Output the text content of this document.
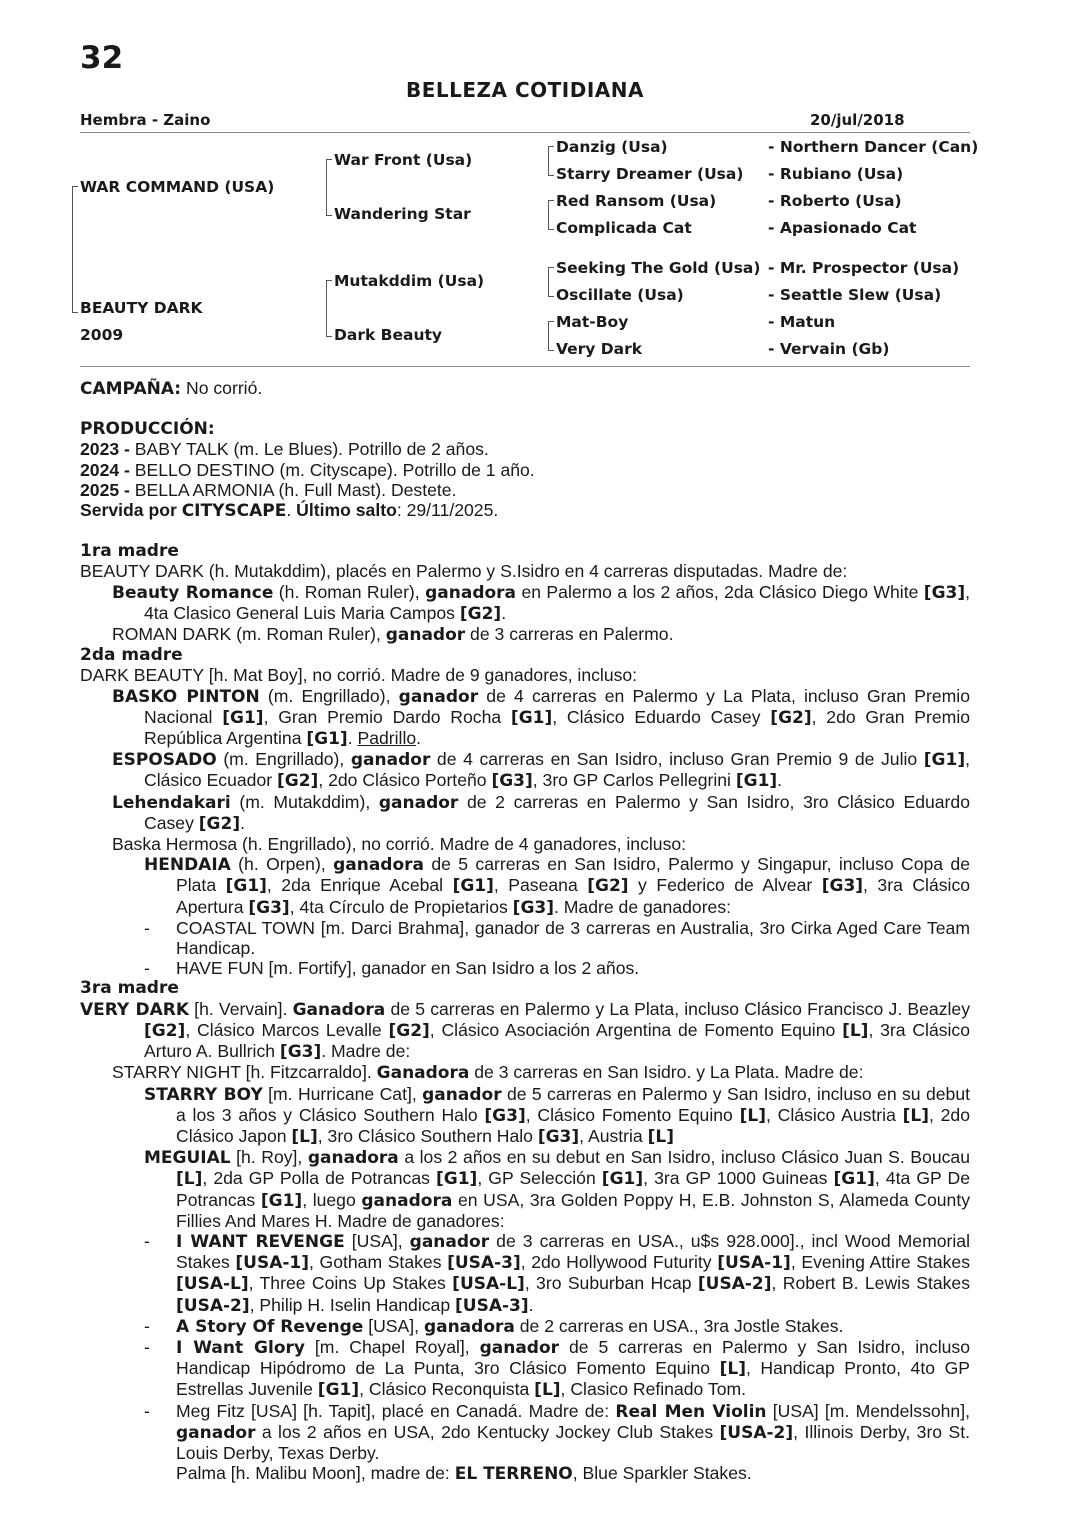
32
BELLEZA COTIDIANA
Hembra - Zaino	20/jul/2018
WAR COMMAND (USA)
BEAUTY DARK
2009
War Front (Usa)
Wandering Star
Mutakddim (Usa)
Dark Beauty
Danzig (Usa)
Starry Dreamer (Usa)
Red Ransom (Usa)
Complicada Cat
Seeking The Gold (Usa)
Oscillate (Usa)
Mat-Boy
Very Dark
- Northern Dancer (Can)
- Rubiano (Usa)
- Roberto (Usa)
- Apasionado Cat
- Mr. Prospector (Usa)
- Seattle Slew (Usa)
- Matun
- Vervain (Gb)

CAMPAÑA: No corrió.

PRODUCCIÓN:

2023 - BABY TALK (m. Le Blues). Potrillo de 2 años.

2024 - BELLO DESTINO (m. Cityscape). Potrillo de 1 año.

2025 - BELLA ARMONIA (h. Full Mast). Destete.

Servida por CITYSCAPE. Último salto: 29/11/2025.

1ra madre

BEAUTY DARK (h. Mutakddim), placés en Palermo y S.Isidro en 4 carreras disputadas. Madre de:

Beauty Romance (h. Roman Ruler), ganadora en Palermo a los 2 años, 2da Clásico Diego White [G3], 4ta Clasico General Luis Maria Campos [G2].

ROMAN DARK (m. Roman Ruler), ganador de 3 carreras en Palermo.

2da madre

DARK BEAUTY [h. Mat Boy], no corrió. Madre de 9 ganadores, incluso:

BASKO PINTON (m. Engrillado), ganador de 4 carreras en Palermo y La Plata, incluso Gran Premio Nacional [G1], Gran Premio Dardo Rocha [G1], Clásico Eduardo Casey [G2], 2do Gran Premio República Argentina [G1]. Padrillo.

ESPOSADO (m. Engrillado), ganador de 4 carreras en San Isidro, incluso Gran Premio 9 de Julio [G1], Clásico Ecuador [G2], 2do Clásico Porteño [G3], 3ro GP Carlos Pellegrini [G1].

Lehendakari (m. Mutakddim), ganador de 2 carreras en Palermo y San Isidro, 3ro Clásico Eduardo Casey [G2].

Baska Hermosa (h. Engrillado), no corrió. Madre de 4 ganadores, incluso:

HENDAIA (h. Orpen), ganadora de 5 carreras en San Isidro, Palermo y Singapur, incluso Copa de Plata [G1], 2da Enrique Acebal [G1], Paseana [G2] y Federico de Alvear [G3], 3ra Clásico Apertura [G3], 4ta Círculo de Propietarios [G3]. Madre de ganadores:

- COASTAL TOWN [m. Darci Brahma], ganador de 3 carreras en Australia, 3ro Cirka Aged Care Team Handicap.

- HAVE FUN [m. Fortify], ganador en San Isidro a los 2 años.

3ra madre

VERY DARK [h. Vervain]. Ganadora de 5 carreras en Palermo y La Plata, incluso Clásico Francisco J. Beazley [G2], Clásico Marcos Levalle [G2], Clásico Asociación Argentina de Fomento Equino [L], 3ra Clásico Arturo A. Bullrich [G3]. Madre de:

STARRY NIGHT [h. Fitzcarraldo]. Ganadora de 3 carreras en San Isidro. y La Plata. Madre de:

STARRY BOY [m. Hurricane Cat], ganador de 5 carreras en Palermo y San Isidro, incluso en su debut a los 3 años y Clásico Southern Halo [G3], Clásico Fomento Equino [L], Clásico Austria [L], 2do Clásico Japon [L], 3ro Clásico Southern Halo [G3], Austria [L]

MEGUIAL [h. Roy], ganadora a los 2 años en su debut en San Isidro, incluso Clásico Juan S. Boucau [L], 2da GP Polla de Potrancas [G1], GP Selección [G1], 3ra GP 1000 Guineas [G1], 4ta GP De Potrancas [G1], luego ganadora en USA, 3ra Golden Poppy H, E.B. Johnston S, Alameda County Fillies And Mares H. Madre de ganadores:

- I WANT REVENGE [USA], ganador de 3 carreras en USA., u$s 928.000]., incl Wood Memorial Stakes [USA-1], Gotham Stakes [USA-3], 2do Hollywood Futurity [USA-1], Evening Attire Stakes [USA-L], Three Coins Up Stakes [USA-L], 3ro Suburban Hcap [USA-2], Robert B. Lewis Stakes [USA-2], Philip H. Iselin Handicap [USA-3].

- A Story Of Revenge [USA], ganadora de 2 carreras en USA., 3ra Jostle Stakes.

- I Want Glory [m. Chapel Royal], ganador de 5 carreras en Palermo y San Isidro, incluso Handicap Hipódromo de La Punta, 3ro Clásico Fomento Equino [L], Handicap Pronto, 4to GP Estrellas Juvenile [G1], Clásico Reconquista [L], Clasico Refinado Tom.

- Meg Fitz [USA] [h. Tapit], placé en Canadá. Madre de: Real Men Violin [USA] [m. Mendelssohn], ganador a los 2 años en USA, 2do Kentucky Jockey Club Stakes [USA-2], Illinois Derby, 3ro St. Louis Derby, Texas Derby.

Palma [h. Malibu Moon], madre de: EL TERRENO, Blue Sparkler Stakes.
